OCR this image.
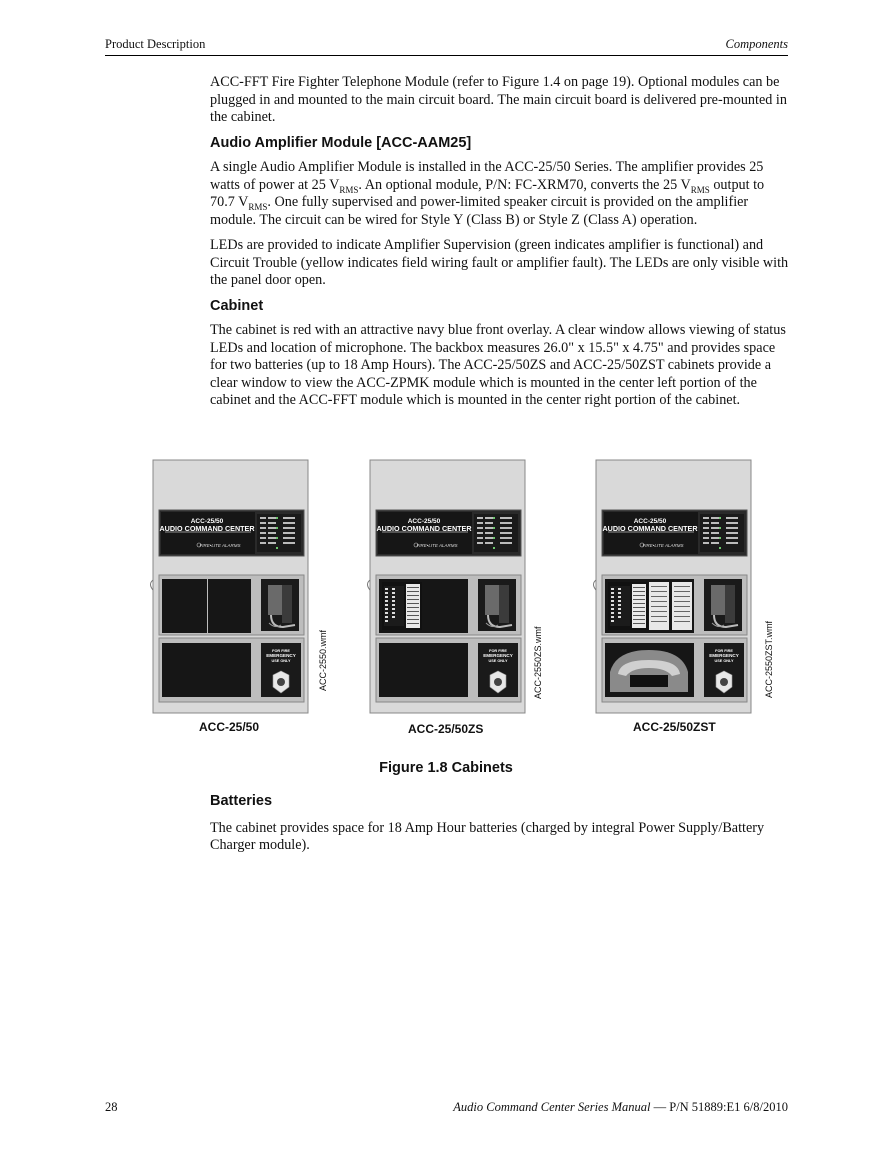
Product Description	Components

ACC-FFT Fire Fighter Telephone Module (refer to Figure 1.4 on page 19). Optional modules can be plugged in and mounted to the main circuit board. The main circuit board is delivered pre-mounted in the cabinet.

Audio Amplifier Module [ACC-AAM25]

A single Audio Amplifier Module is installed in the ACC-25/50 Series. The amplifier provides 25 watts of power at 25 $V_{RMS}$. An optional module, P/N: FC-XRM70, converts the 25 $V_{RMS}$ output to 70.7 $V_{RMS}$. One fully supervised and power-limited speaker circuit is provided on the amplifier module. The circuit can be wired for Style Y (Class B) or Style Z (Class A) operation.

LEDs are provided to indicate Amplifier Supervision (green indicates amplifier is functional) and Circuit Trouble (yellow indicates field wiring fault or amplifier fault). The LEDs are only visible with the panel door open.

Cabinet

The cabinet is red with an attractive navy blue front overlay. A clear window allows viewing of status LEDs and location of microphone. The backbox measures 26.0" x 15.5" x 4.75" and provides space for two batteries (up to 18 Amp Hours). The ACC-25/50ZS and ACC-25/50ZST cabinets provide a clear window to view the ACC-ZPMK module which is mounted in the center left portion of the cabinet and the ACC-FFT module which is mounted in the center right portion of the cabinet.

ACC-25/50
AUDIO COMMAND CENTER
ACC-25/50
AUDIO COMMAND CENTER
ACC-25/50
AUDIO COMMAND CENTER
FIRE•LITE ALARMS	FIRE•LITE ALARMS	FIRE•LITE ALARMS
FOR FIRE
EMERGENCY
USE ONLY
FOR FIRE
EMERGENCY
USE ONLY
FOR FIRE
EMERGENCY
USE ONLY
ACC-2550.wmf	ACC-2550ZS.wmf	ACC-2550ZST.wmf
ACC-25/50	ACC-25/50ZS	ACC-25/50ZST
Figure 1.8 Cabinets
Batteries

The cabinet provides space for 18 Amp Hour batteries (charged by integral Power Supply/Battery Charger module).

28	Audio Command Center Series Manual — P/N 51889:E1 6/8/2010
